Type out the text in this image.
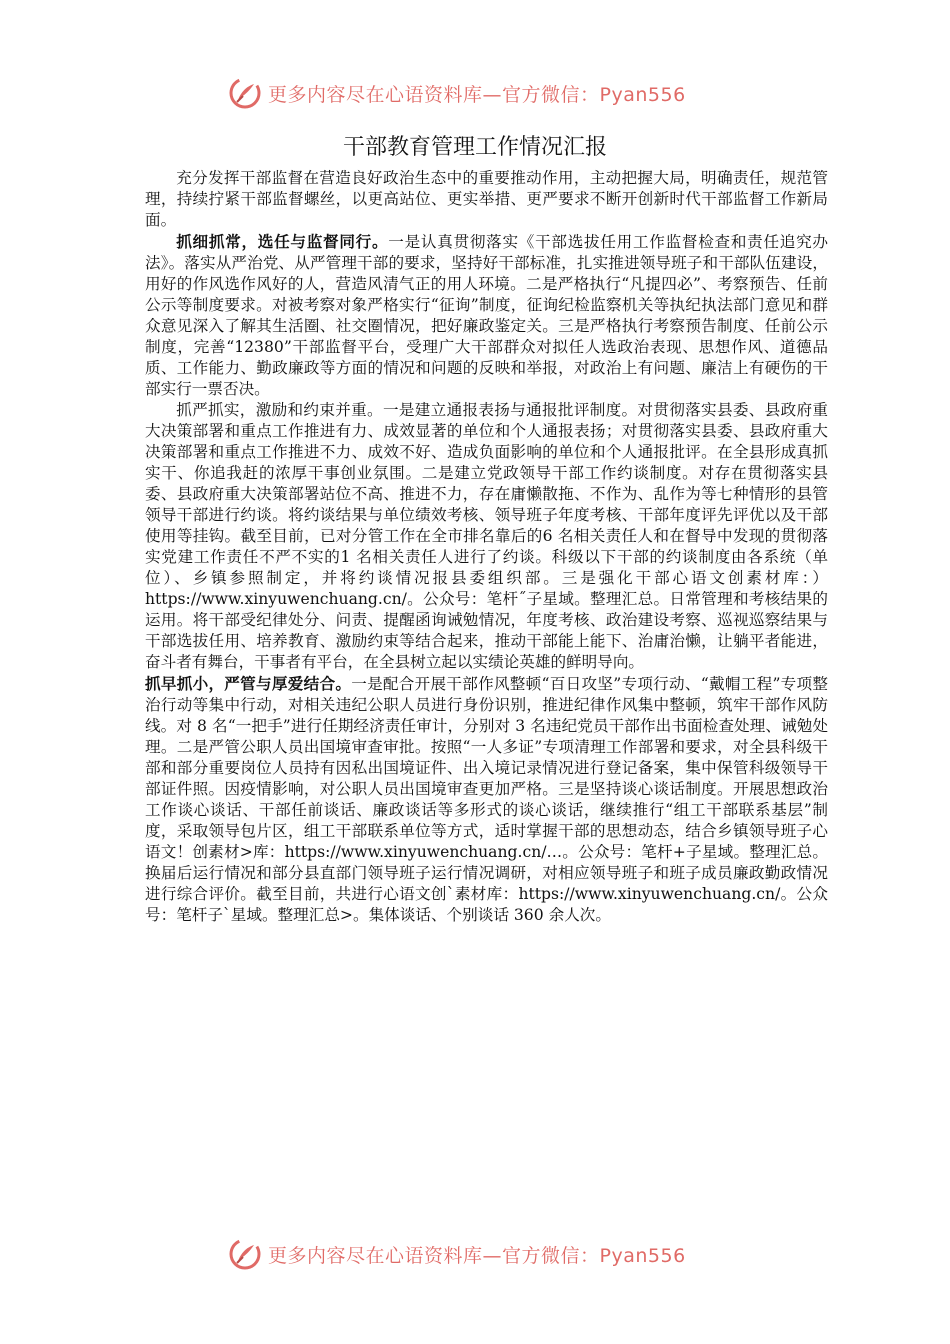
更多内容尽在心语资料库—官方微信：Pyan556
干部教育管理工作情况汇报

充分发挥干部监督在营造良好政治生态中的重要推动作用，主动把握大局，明确责任，规范管理，持续拧紧干部监督螺丝，以更高站位、更实举措、更严要求不断开创新时代干部监督工作新局面。

抓细抓常，选任与监督同行。一是认真贯彻落实《干部选拔任用工作监督检查和责任追究办法》。落实从严治党、从严管理干部的要求，坚持好干部标准，扎实推进领导班子和干部队伍建设，用好的作风选作风好的人，营造风清气正的用人环境。二是严格执行“凡提四必”、考察预告、任前公示等制度要求。对被考察对象严格实行“征询”制度，征询纪检监察机关等执纪执法部门意见和群众意见深入了解其生活圈、社交圈情况，把好廉政鉴定关。三是严格执行考察预告制度、任前公示制度，完善“12380”干部监督平台，受理广大干部群众对拟任人选政治表现、思想作风、道德品质、工作能力、勤政廉政等方面的情况和问题的反映和举报，对政治上有问题、廉洁上有硬伤的干部实行一票否决。

抓严抓实，激励和约束并重。一是建立通报表扬与通报批评制度。对贯彻落实县委、县政府重大决策部署和重点工作推进有力、成效显著的单位和个人通报表扬；对贯彻落实县委、县政府重大决策部署和重点工作推进不力、成效不好、造成负面影响的单位和个人通报批评。在全县形成真抓实干、你追我赶的浓厚干事创业氛围。二是建立党政领导干部工作约谈制度。对存在贯彻落实县委、县政府重大决策部署站位不高、推进不力，存在庸懒散拖、不作为、乱作为等七种情形的县管领导干部进行约谈。将约谈结果与单位绩效考核、领导班子年度考核、干部年度评先评优以及干部使用等挂钩。截至目前，已对分管工作在全市排名靠后的6 名相关责任人和在督导中发现的贯彻落实党建工作责任不严不实的1 名相关责任人进行了约谈。科级以下干部的约谈制度由各系统（单位）、乡镇参照制定，并将约谈情况报县委组织部。三是强化干部心语文创素材库：）https://www.xinyuwenchuang.cn/。公众号：笔杆˝子星域。整理汇总。日常管理和考核结果的运用。将干部受纪律处分、问责、提醒函询诫勉情况，年度考核、政治建设考察、巡视巡察结果与干部选拔任用、培养教育、激励约束等结合起来，推动干部能上能下、治庸治懒，让躺平者能进，奋斗者有舞台，干事者有平台，在全县树立起以实绩论英雄的鲜明导向。

抓早抓小，严管与厚爱结合。一是配合开展干部作风整顿“百日攻坚”专项行动、“戴帽工程”专项整治行动等集中行动，对相关违纪公职人员进行身份识别，推进纪律作风集中整顿，筑牢干部作风防线。对 8 名“一把手”进行任期经济责任审计，分别对 3 名违纪党员干部作出书面检查处理、诫勉处理。二是严管公职人员出国境审查审批。按照“一人多证”专项清理工作部署和要求，对全县科级干部和部分重要岗位人员持有因私出国境证件、出入境记录情况进行登记备案，集中保管科级领导干部证件照。因疫情影响，对公职人员出国境审查更加严格。三是坚持谈心谈话制度。开展思想政治工作谈心谈话、干部任前谈话、廉政谈话等多形式的谈心谈话，继续推行“组工干部联系基层”制度，采取领导包片区，组工干部联系单位等方式，适时掌握干部的思想动态，结合乡镇领导班子心语文！创素材>库：https://www.xinyuwenchuang.cn/…。公众号：笔杆+子星域。整理汇总。换届后运行情况和部分县直部门领导班子运行情况调研，对相应领导班子和班子成员廉政勤政情况进行综合评价。截至目前，共进行心语文创`素材库：https://www.xinyuwenchuang.cn/。公众号：笔杆子`星域。整理汇总>。集体谈话、个别谈话 360 余人次。

更多内容尽在心语资料库—官方微信：Pyan556
